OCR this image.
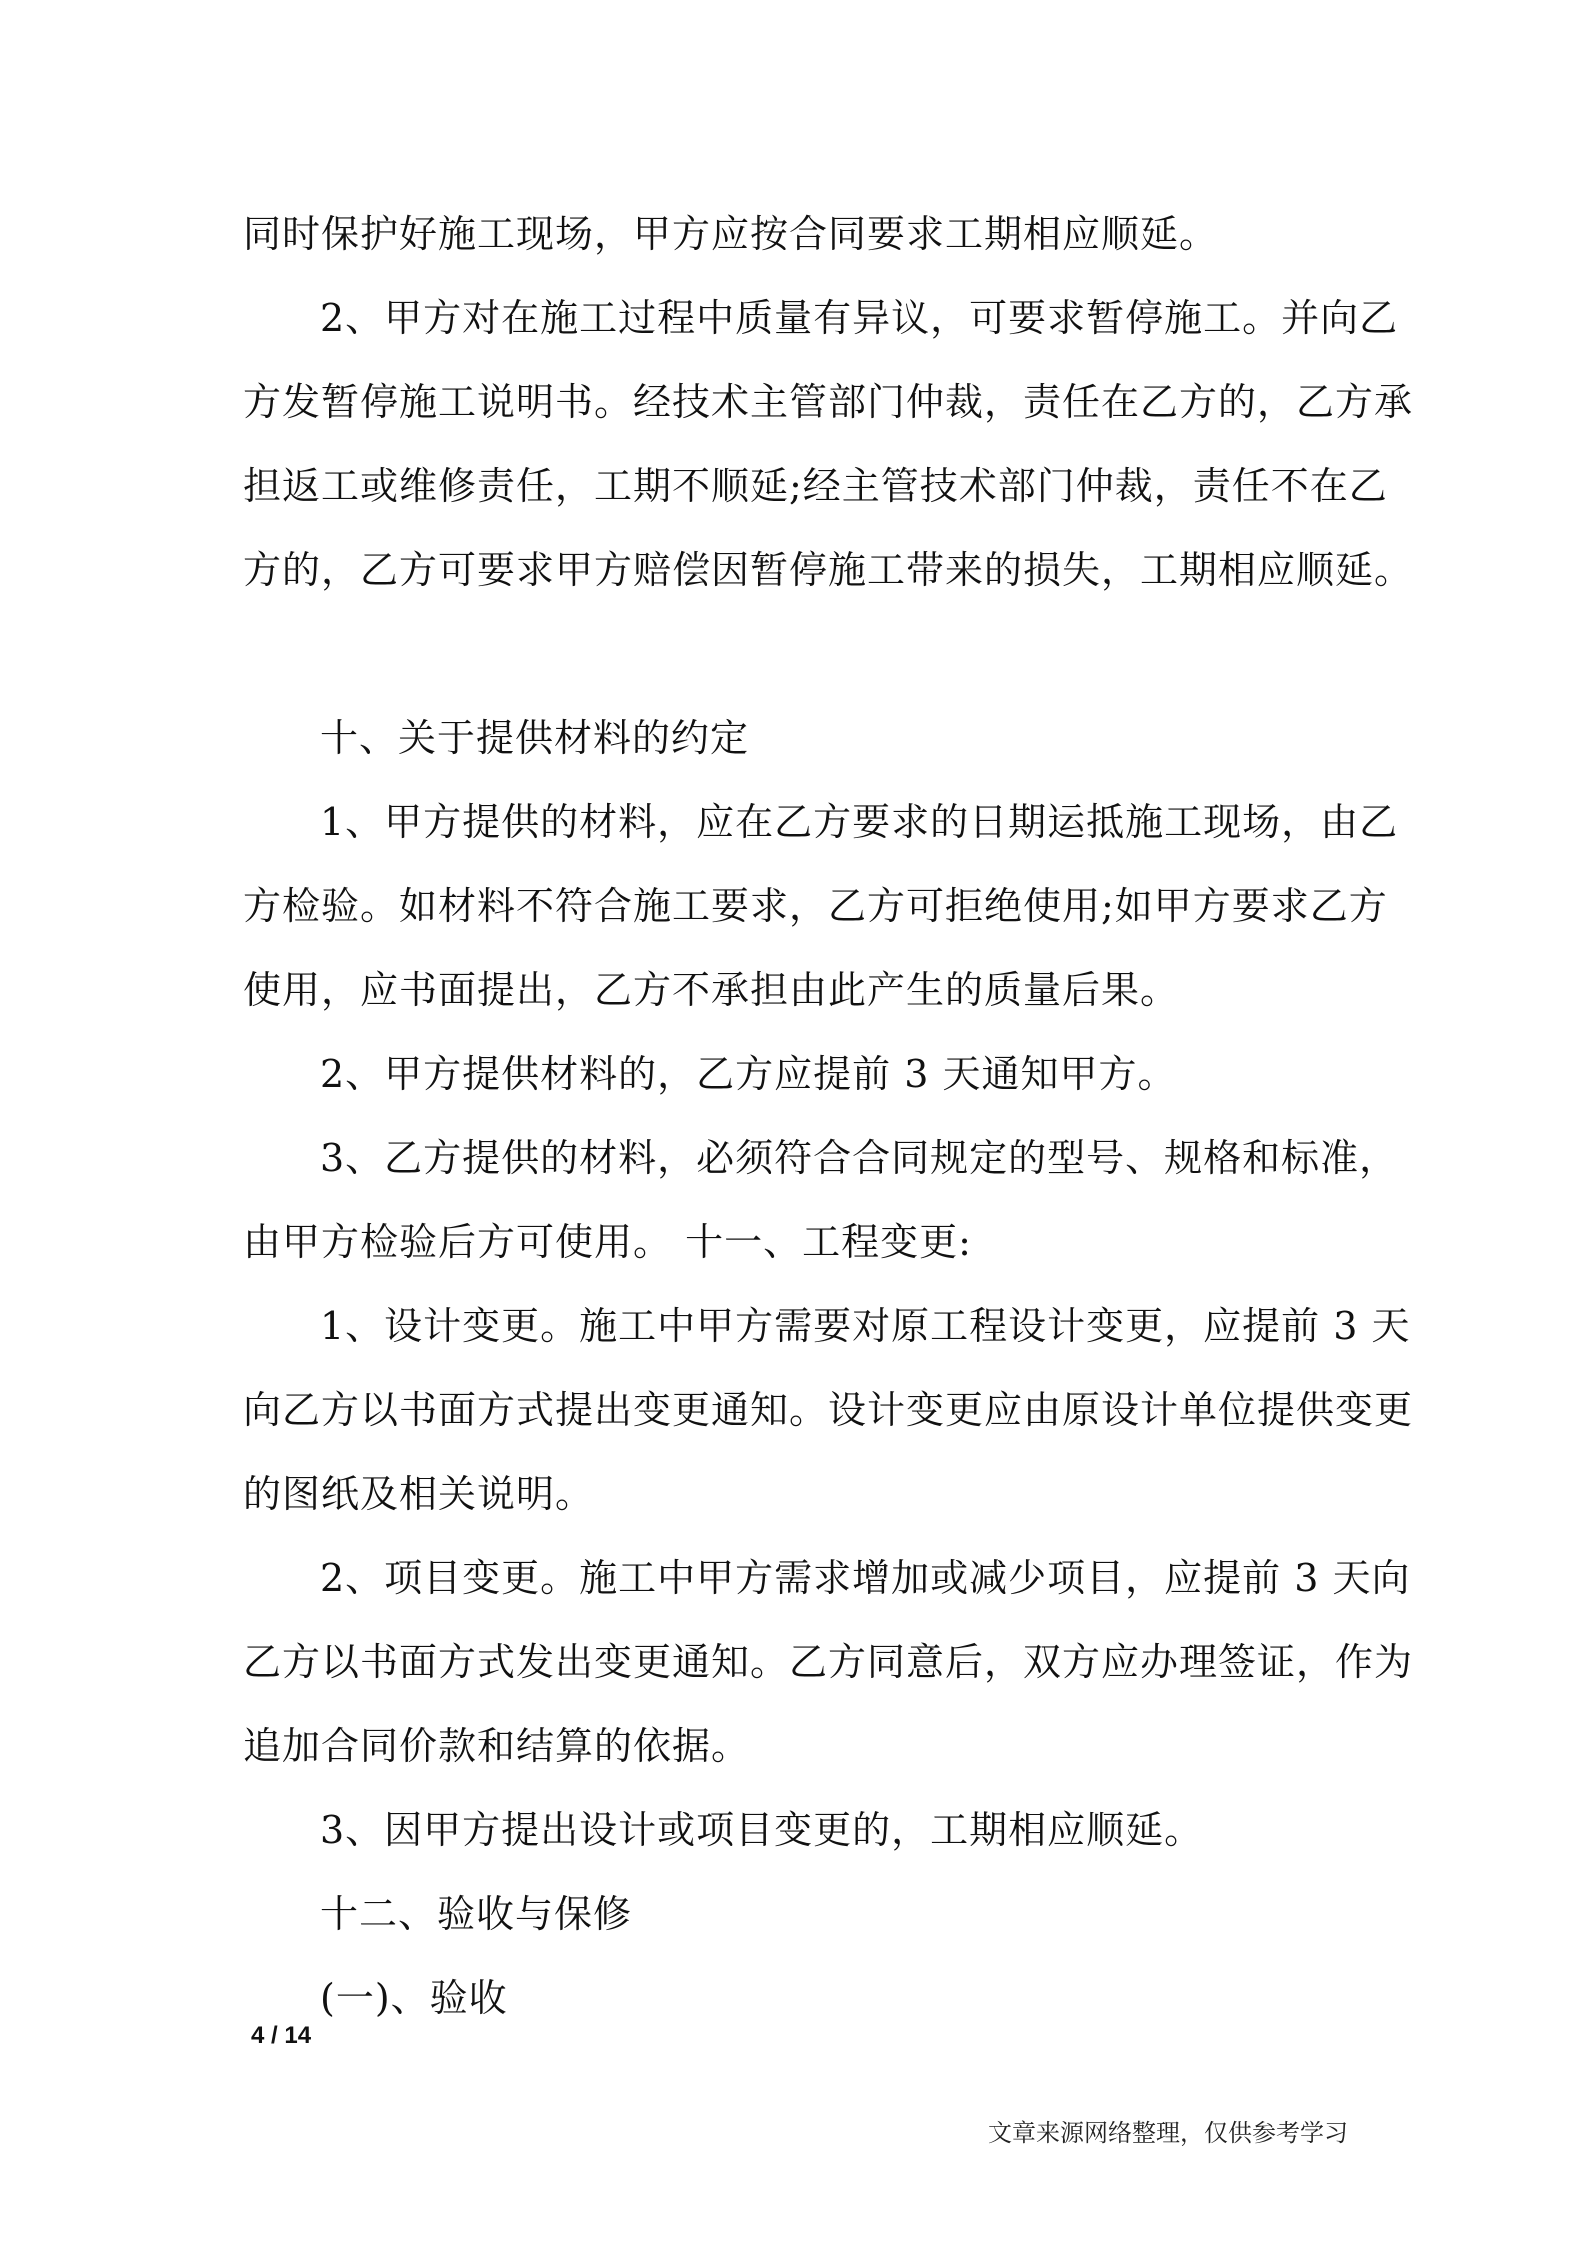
同时保护好施工现场，甲方应按合同要求工期相应顺延。
2、甲方对在施工过程中质量有异议，可要求暂停施工。并向乙
方发暂停施工说明书。经技术主管部门仲裁，责任在乙方的，乙方承
担返工或维修责任，工期不顺延;经主管技术部门仲裁，责任不在乙
方的，乙方可要求甲方赔偿因暂停施工带来的损失，工期相应顺延。
十、关于提供材料的约定
1、甲方提供的材料，应在乙方要求的日期运抵施工现场，由乙
方检验。如材料不符合施工要求，乙方可拒绝使用;如甲方要求乙方
使用，应书面提出，乙方不承担由此产生的质量后果。
2、甲方提供材料的，乙方应提前 3 天通知甲方。
3、乙方提供的材料，必须符合合同规定的型号、规格和标准，
由甲方检验后方可使用。 十一、工程变更:
1、设计变更。施工中甲方需要对原工程设计变更，应提前 3 天
向乙方以书面方式提出变更通知。设计变更应由原设计单位提供变更
的图纸及相关说明。
2、项目变更。施工中甲方需求增加或减少项目，应提前 3 天向
乙方以书面方式发出变更通知。乙方同意后，双方应办理签证，作为
追加合同价款和结算的依据。
3、因甲方提出设计或项目变更的，工期相应顺延。
十二、验收与保修
(一)、验收
4 / 14
文章来源网络整理，仅供参考学习
